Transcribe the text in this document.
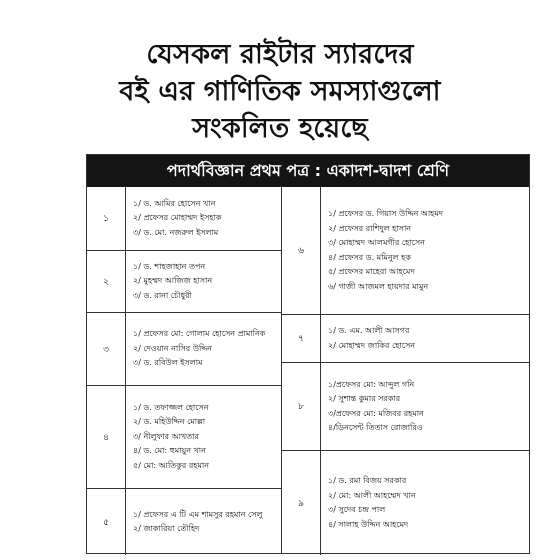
যেসকল রাইটার স্যারদের
বই এর গাণিতিক সমস্যাগুলো
সংকলিত হয়েছে
পদার্থবিজ্ঞান প্রথম পত্র : একাদশ-দ্বাদশ শ্রেণি
১
১/ ড. আমির হোসেন খান
২/ প্রফেসর মোহাম্মদ ইসহাক
৩/ ড. মো. নজরুল ইসলাম
২
১/ ড. শাহজাহান তপন
২/ মুহম্মদ আজিজ হাসান
৩/ ড. রানা চৌধুরী
৩
১/ প্রফেসর মো: গোলাম হোসেন প্রামানিক
২/ দেওয়ান নাসির উদ্দিন
৩/ ড. রবিউল ইসলাম
৪
১/ ড. তফাজ্জল হোসেন
২/ ড. মহিউদ্দিন মোল্লা
৩/ নীলুফার আখতার
৪/ ড. মো: হুমায়ুন খান
৫/ মো: আতিকুর রহমান
৫
১/ প্রফেসর এ টি এম শামসুর রহমান সেলু
২/ জাকারিয়া তৌহিদ
৬
১/ প্রফেসর ড. গিয়াস উদ্দিন আহমদ
২/ প্রফেসর রাশিদুল হাসান
৩/ মোহাম্মদ আলমগীর হোসেন
৪/ প্রফেসর ড. মমিনুল হক
৫/ প্রফেসর মাহেরা আহমেদ
৬/ গাজী আজমল হায়দার মামুন
৭
১/ ড. এম. আলী আসগর
২/ মোহাম্মদ জাকির হোসেন
৮
১/প্রফেসর মো: আব্দুল গনি
২/ সুশান্ত কুমার সরকার
৩/প্রফেসর মো: মজিবর রহমান
৪/ডিনসেন্ট তিতাস রোজারিও
৯
১/ ড. রমা বিজয় সরকার
২/ মো: আলী আহম্মেদ খান
৩/ সুদেব চন্দ্র পাল
৪/ সালাহ উদ্দিন আহমেদ
